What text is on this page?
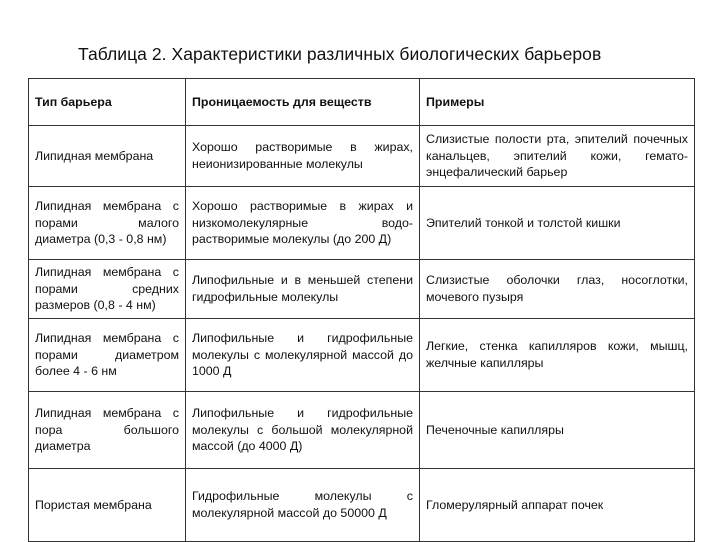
Таблица 2. Характеристики различных биологических барьеров
Тип барьера	Проницаемость для веществ	Примеры
Липидная мембрана	Хорошо растворимые в жирах, неионизированные молекулы	Слизистые полости рта, эпителий почечных канальцев, эпителий кожи, гемато-энцефалический барьер
Липидная мембрана с порами малого диаметра (0,3 - 0,8 нм)	Хорошо растворимые в жирах и низкомолекулярные водо-растворимые молекулы (до 200 Д)	Эпителий тонкой и толстой кишки
Липидная мембрана с порами средних размеров (0,8 - 4 нм)	Липофильные и в меньшей степени гидрофильные молекулы	Слизистые оболочки глаз, носоглотки, мочевого пузыря
Липидная мембрана с порами диаметром более 4 - 6 нм	Липофильные и гидрофильные молекулы с молекулярной массой до 1000 Д	Легкие, стенка капилляров кожи, мышц, желчные капилляры
Липидная мембрана с пора большого диаметра	Липофильные и гидрофильные молекулы с большой молекулярной массой (до 4000 Д)	Печеночные капилляры
Пористая мембрана	Гидрофильные молекулы с молекулярной массой до 50000 Д	Гломерулярный аппарат почек
